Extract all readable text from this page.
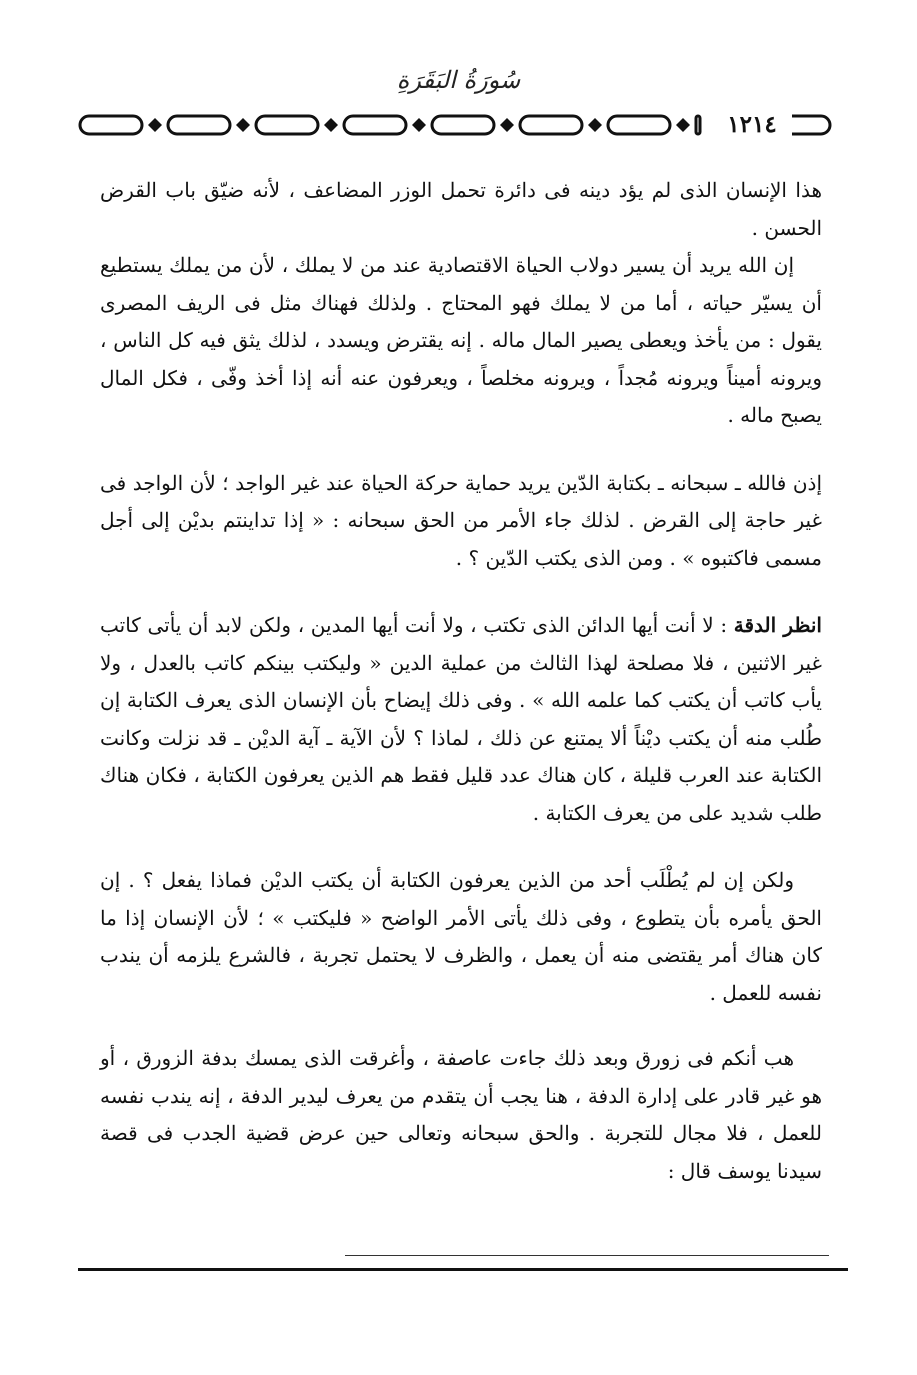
سُورَةُ البَقَرَةِ
١٢١٤

هذا الإنسان الذى لم يؤد دينه فى دائرة تحمل الوزر المضاعف ، لأنه ضيّق باب القرض الحسن .

إن الله يريد أن يسير دولاب الحياة الاقتصادية عند من لا يملك ، لأن من يملك يستطيع أن يسيّر حياته ، أما من لا يملك فهو المحتاج . ولذلك فهناك مثل فى الريف المصرى يقول : من يأخذ ويعطى يصير المال ماله . إنه يقترض ويسدد ، لذلك يثق فيه كل الناس ، ويرونه أميناً ويرونه مُجداً ، ويرونه مخلصاً ، ويعرفون عنه أنه إذا أخذ وفّى ، فكل المال يصبح ماله .

إذن فالله ـ سبحانه ـ بكتابة الدّين يريد حماية حركة الحياة عند غير الواجد ؛ لأن الواجد فى غير حاجة إلى القرض . لذلك جاء الأمر من الحق سبحانه : « إذا تداينتم بديْن إلى أجل مسمى فاكتبوه » . ومن الذى يكتب الدّين ؟ .

انظر الدقة : لا أنت أيها الدائن الذى تكتب ، ولا أنت أيها المدين ، ولكن لابد أن يأتى كاتب غير الاثنين ، فلا مصلحة لهذا الثالث من عملية الدين « وليكتب بينكم كاتب بالعدل ، ولا يأب كاتب أن يكتب كما علمه الله » . وفى ذلك إيضاح بأن الإنسان الذى يعرف الكتابة إن طُلب منه أن يكتب ديْناً ألا يمتنع عن ذلك ، لماذا ؟ لأن الآية ـ آية الديْن ـ قد نزلت وكانت الكتابة عند العرب قليلة ، كان هناك عدد قليل فقط هم الذين يعرفون الكتابة ، فكان هناك طلب شديد على من يعرف الكتابة .

ولكن إن لم يُطْلَب أحد من الذين يعرفون الكتابة أن يكتب الديْن فماذا يفعل ؟ . إن الحق يأمره بأن يتطوع ، وفى ذلك يأتى الأمر الواضح « فليكتب » ؛ لأن الإنسان إذا ما كان هناك أمر يقتضى منه أن يعمل ، والظرف لا يحتمل تجربة ، فالشرع يلزمه أن يندب نفسه للعمل .

هب أنكم فى زورق وبعد ذلك جاءت عاصفة ، وأغرقت الذى يمسك بدفة الزورق ، أو هو غير قادر على إدارة الدفة ، هنا يجب أن يتقدم من يعرف ليدير الدفة ، إنه يندب نفسه للعمل ، فلا مجال للتجربة . والحق سبحانه وتعالى حين عرض قضية الجدب فى قصة سيدنا يوسف قال :
